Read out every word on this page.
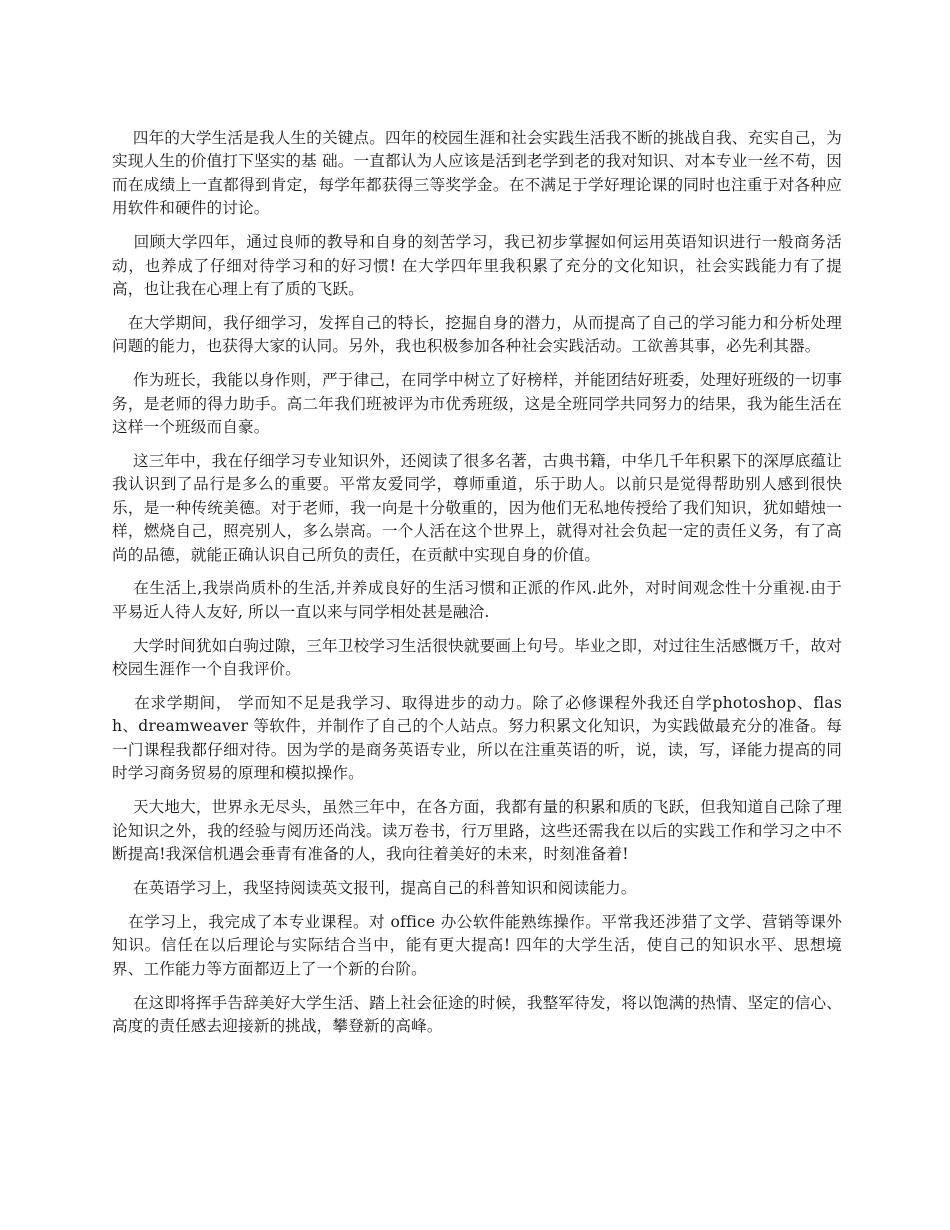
　 四年的大学生活是我人生的关键点。四年的校园生涯和社会实践生活我不断的挑战自我、充实自己，为实现人生的价值打下坚实的基 础。一直都认为人应该是活到老学到老的我对知识、对本专业一丝不苟，因而在成绩上一直都得到肯定，每学年都获得三等奖学金。在不满足于学好理论课的同时也注重于对各种应用软件和硬件的讨论。

　 回顾大学四年，通过良师的教导和自身的刻苦学习，我已初步掌握如何运用英语知识进行一般商务活动，也养成了仔细对待学习和的好习惯! 在大学四年里我积累了充分的文化知识，社会实践能力有了提高，也让我在心理上有了质的飞跃。

　在大学期间，我仔细学习，发挥自己的特长，挖掘自身的潜力，从而提高了自己的学习能力和分析处理问题的能力，也获得大家的认同。另外，我也积极参加各种社会实践活动。工欲善其事，必先利其器。

　 作为班长，我能以身作则，严于律己，在同学中树立了好榜样，并能团结好班委，处理好班级的一切事务，是老师的得力助手。高二年我们班被评为市优秀班级，这是全班同学共同努力的结果，我为能生活在这样一个班级而自豪。

　 这三年中，我在仔细学习专业知识外，还阅读了很多名著，古典书籍，中华几千年积累下的深厚底蕴让我认识到了品行是多么的重要。平常友爱同学，尊师重道，乐于助人。以前只是觉得帮助别人感到很快乐，是一种传统美德。对于老师，我一向是十分敬重的，因为他们无私地传授给了我们知识，犹如蜡烛一样，燃烧自己，照亮别人，多么崇高。一个人活在这个世界上，就得对社会负起一定的责任义务，有了高尚的品德，就能正确认识自己所负的责任，在贡献中实现自身的价值。

　 在生活上,我崇尚质朴的生活,并养成良好的生活习惯和正派的作风.此外，对时间观念性十分重视.由于平易近人待人友好, 所以一直以来与同学相处甚是融洽.

　 大学时间犹如白驹过隙，三年卫校学习生活很快就要画上句号。毕业之即，对过往生活感慨万千，故对校园生涯作一个自我评价。

　 在求学期间， 学而知不足是我学习、取得进步的动力。除了必修课程外我还自学photoshop、flash、dreamweaver 等软件，并制作了自己的个人站点。努力积累文化知识，为实践做最充分的准备。每一门课程我都仔细对待。因为学的是商务英语专业，所以在注重英语的听，说，读，写，译能力提高的同时学习商务贸易的原理和模拟操作。

　 天大地大，世界永无尽头，虽然三年中，在各方面，我都有量的积累和质的飞跃，但我知道自己除了理论知识之外，我的经验与阅历还尚浅。读万卷书，行万里路，这些还需我在以后的实践工作和学习之中不断提高!我深信机遇会垂青有准备的人，我向往着美好的未来，时刻准备着!

　 在英语学习上，我坚持阅读英文报刊，提高自己的科普知识和阅读能力。

　在学习上，我完成了本专业课程。对 office 办公软件能熟练操作。平常我还涉猎了文学、营销等课外知识。信任在以后理论与实际结合当中，能有更大提高! 四年的大学生活，使自己的知识水平、思想境界、工作能力等方面都迈上了一个新的台阶。

　 在这即将挥手告辞美好大学生活、踏上社会征途的时候，我整军待发，将以饱满的热情、坚定的信心、高度的责任感去迎接新的挑战，攀登新的高峰。
